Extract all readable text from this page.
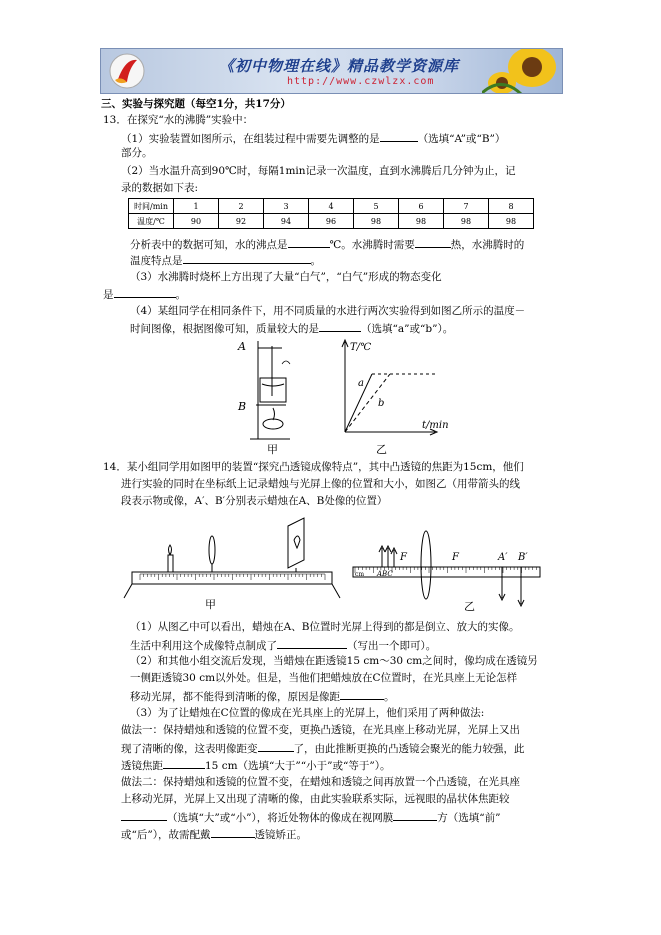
《初中物理在线》精品教学资源库
http://www.czwlzx.com
三、实验与探究题（每空1分，共17分）
13．在探究“水的沸腾”实验中：
（1）实验装置如图所示，在组装过程中需要先调整的是	（选填“A”或“B”）
部分。
（2）当水温升高到90℃时，每隔1min记录一次温度，直到水沸腾后几分钟为止，记
录的数据如下表:
时间/min	1	2	3	4	5	6	7	8
温度/℃	90	92	94	96	98	98	98	98
分析表中的数据可知，水的沸点是	℃。水沸腾时需要	热，水沸腾时的
温度特点是	。
（3）水沸腾时烧杯上方出现了大量“白气”，“白气”形成的物态变化
是	。
（4）某组同学在相同条件下，用不同质量的水进行两次实验得到如图乙所示的温度－
时间图像，根据图像可知，质量较大的是	（选填“a”或“b”）。
A
B
甲
T/℃
t/min
a
b
乙
14．某小组同学用如图甲的装置“探究凸透镜成像特点”，其中凸透镜的焦距为15cm，他们
进行实验的同时在坐标纸上记录蜡烛与光屏上像的位置和大小，如图乙（用带箭头的线
段表示物或像，A′、B′分别表示蜡烛在A、B处像的位置）
甲
F	F	A′ B′
ABC
cm
乙
（1）从图乙中可以看出，蜡烛在A、B位置时光屏上得到的都是倒立、放大的实像。
生活中利用这个成像特点制成了	（写出一个即可）。
（2）和其他小组交流后发现，当蜡烛在距透镜15 cm～30 cm之间时，像均成在透镜另
一侧距透镜30 cm以外处。但是，当他们把蜡烛放在C位置时，在光具座上无论怎样
移动光屏，都不能得到清晰的像，原因是像距	。
（3）为了让蜡烛在C位置的像成在光具座上的光屏上，他们采用了两种做法:
做法一：保持蜡烛和透镜的位置不变，更换凸透镜，在光具座上移动光屏，光屏上又出
现了清晰的像，这表明像距变	了，由此推断更换的凸透镜会聚光的能力较强，此
透镜焦距	15 cm（选填“大于”“小于”或“等于”）。
做法二：保持蜡烛和透镜的位置不变，在蜡烛和透镜之间再放置一个凸透镜，在光具座
上移动光屏，光屏上又出现了清晰的像，由此实验联系实际，远视眼的晶状体焦距较
（选填“大”或“小”），将近处物体的像成在视网膜	方（选填“前”
或“后”），故需配戴	透镜矫正。
